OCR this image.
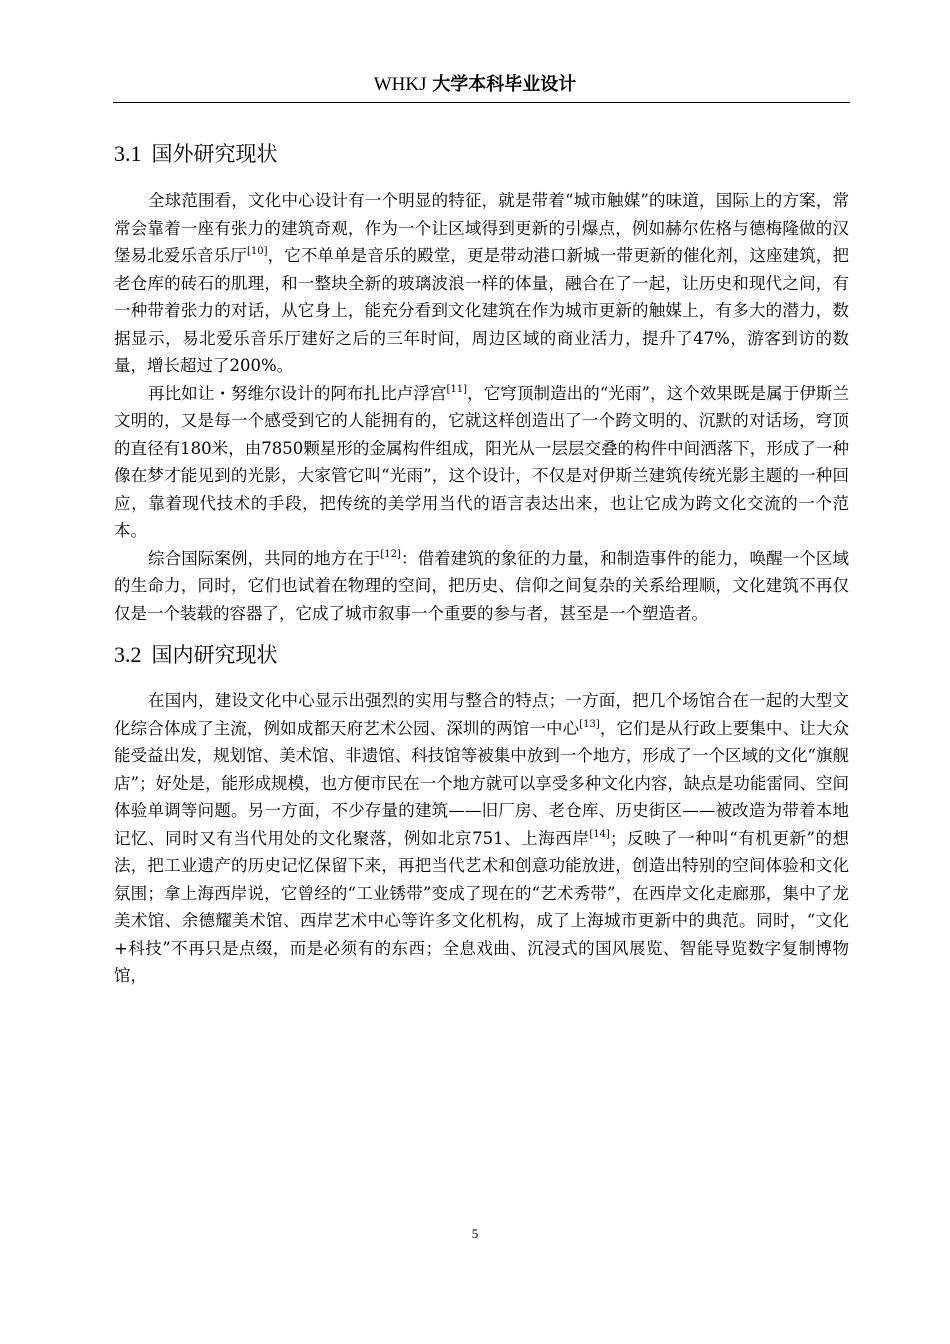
WHKJ 大学本科毕业设计
3.1 国外研究现状

全球范围看，文化中心设计有一个明显的特征，就是带着“城市触媒”的味道，国际上的方案，常常会靠着一座有张力的建筑奇观，作为一个让区域得到更新的引爆点，例如赫尔佐格与德梅隆做的汉堡易北爱乐音乐厅[10]，它不单单是音乐的殿堂，更是带动港口新城一带更新的催化剂，这座建筑，把老仓库的砖石的肌理，和一整块全新的玻璃波浪一样的体量，融合在了一起，让历史和现代之间，有一种带着张力的对话，从它身上，能充分看到文化建筑在作为城市更新的触媒上，有多大的潜力，数据显示，易北爱乐音乐厅建好之后的三年时间，周边区域的商业活力，提升了47%，游客到访的数量，增长超过了200%。

再比如让・努维尔设计的阿布扎比卢浮宫[11]，它穹顶制造出的“光雨”，这个效果既是属于伊斯兰文明的，又是每一个感受到它的人能拥有的，它就这样创造出了一个跨文明的、沉默的对话场，穹顶的直径有180米，由7850颗星形的金属构件组成，阳光从一层层交叠的构件中间洒落下，形成了一种像在梦才能见到的光影，大家管它叫“光雨”，这个设计，不仅是对伊斯兰建筑传统光影主题的一种回应，靠着现代技术的手段，把传统的美学用当代的语言表达出来，也让它成为跨文化交流的一个范本。

综合国际案例，共同的地方在于[12]：借着建筑的象征的力量，和制造事件的能力，唤醒一个区域的生命力，同时，它们也试着在物理的空间，把历史、信仰之间复杂的关系给理顺，文化建筑不再仅仅是一个装载的容器了，它成了城市叙事一个重要的参与者，甚至是一个塑造者。

3.2 国内研究现状

在国内，建设文化中心显示出强烈的实用与整合的特点；一方面，把几个场馆合在一起的大型文化综合体成了主流，例如成都天府艺术公园、深圳的两馆一中心[13]，它们是从行政上要集中、让大众能受益出发，规划馆、美术馆、非遗馆、科技馆等被集中放到一个地方，形成了一个区域的文化“旗舰店”；好处是，能形成规模，也方便市民在一个地方就可以享受多种文化内容，缺点是功能雷同、空间体验单调等问题。另一方面，不少存量的建筑——旧厂房、老仓库、历史街区——被改造为带着本地记忆、同时又有当代用处的文化聚落，例如北京751、上海西岸[14]；反映了一种叫“有机更新”的想法，把工业遗产的历史记忆保留下来，再把当代艺术和创意功能放进，创造出特别的空间体验和文化氛围；拿上海西岸说，它曾经的“工业锈带”变成了现在的“艺术秀带”，在西岸文化走廊那，集中了龙美术馆、余德耀美术馆、西岸艺术中心等许多文化机构，成了上海城市更新中的典范。同时，“文化+科技”不再只是点缀，而是必须有的东西；全息戏曲、沉浸式的国风展览、智能导览数字复制博物馆，

5
